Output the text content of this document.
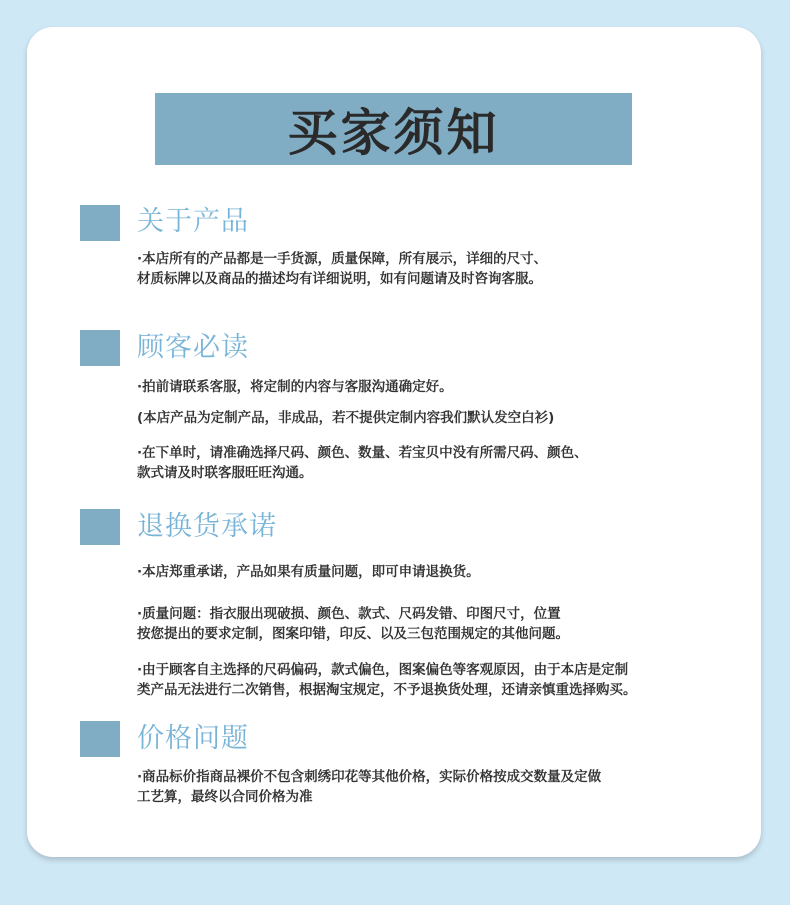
买家须知
关于产品
·本店所有的产品都是一手货源，质量保障，所有展示，详细的尺寸、
材质标牌以及商品的描述均有详细说明，如有问题请及时咨询客服。
顾客必读
·拍前请联系客服，将定制的内容与客服沟通确定好。
(本店产品为定制产品，非成品，若不提供定制内容我们默认发空白衫)
·在下单时，请准确选择尺码、颜色、数量、若宝贝中没有所需尺码、颜色、
款式请及时联客服旺旺沟通。
退换货承诺
·本店郑重承诺，产品如果有质量问题，即可申请退换货。
·质量问题：指衣服出现破损、颜色、款式、尺码发错、印图尺寸，位置
按您提出的要求定制，图案印错，印反、以及三包范围规定的其他问题。
·由于顾客自主选择的尺码偏码，款式偏色，图案偏色等客观原因，由于本店是定制
类产品无法进行二次销售，根据淘宝规定，不予退换货处理，还请亲慎重选择购买。
价格问题
·商品标价指商品裸价不包含刺绣印花等其他价格，实际价格按成交数量及定做
工艺算，最终以合同价格为准
